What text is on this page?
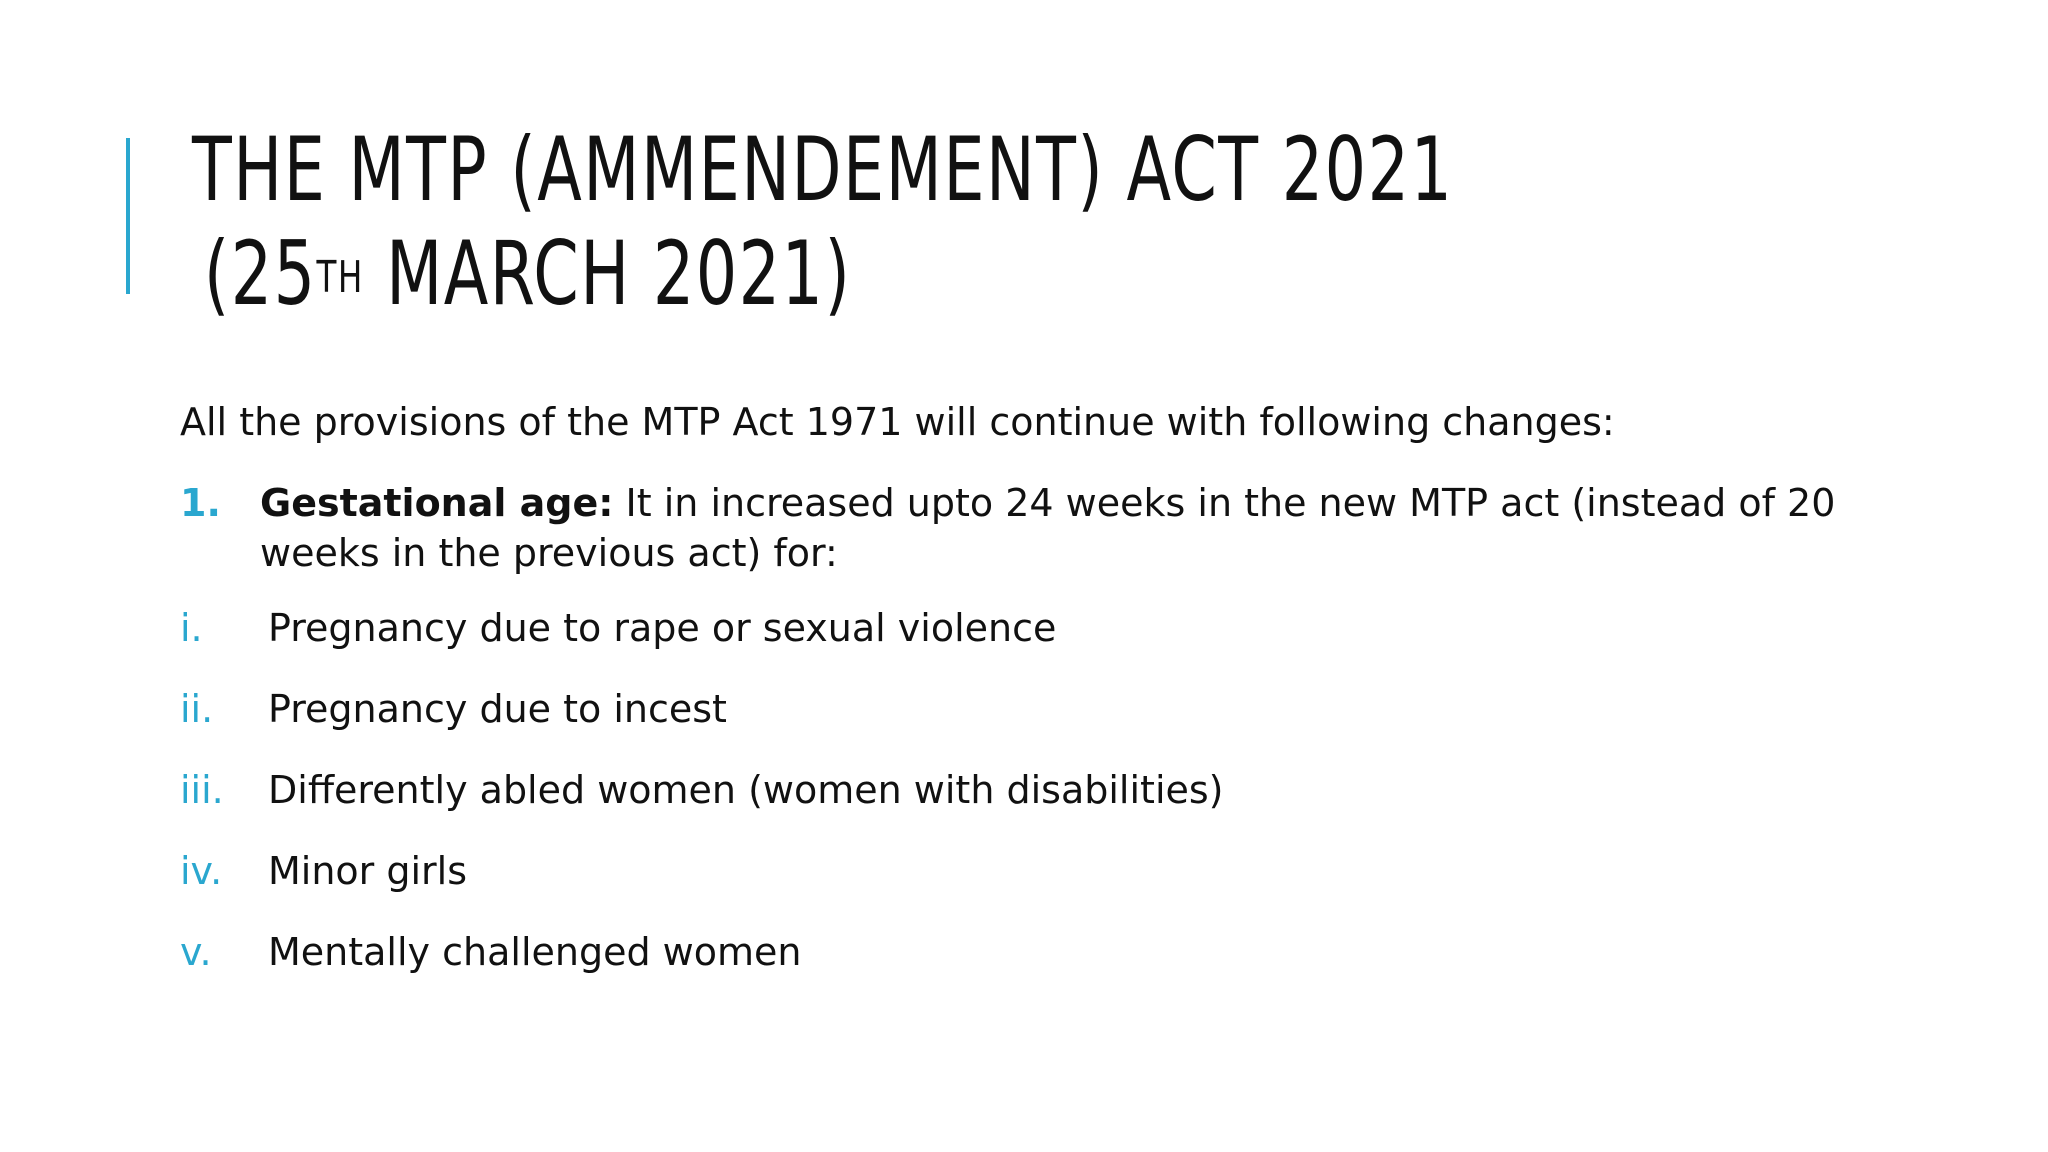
THE MTP (AMMENDEMENT) ACT 2021
(25TH MARCH 2021)

All the provisions of the MTP Act 1971 will continue with following changes:

1. Gestational age: It in increased upto 24 weeks in the new MTP act (instead of 20 weeks in the previous act) for:
i. Pregnancy due to rape or sexual violence
ii. Pregnancy due to incest
iii. Differently abled women (women with disabilities)
iv. Minor girls
v. Mentally challenged women
